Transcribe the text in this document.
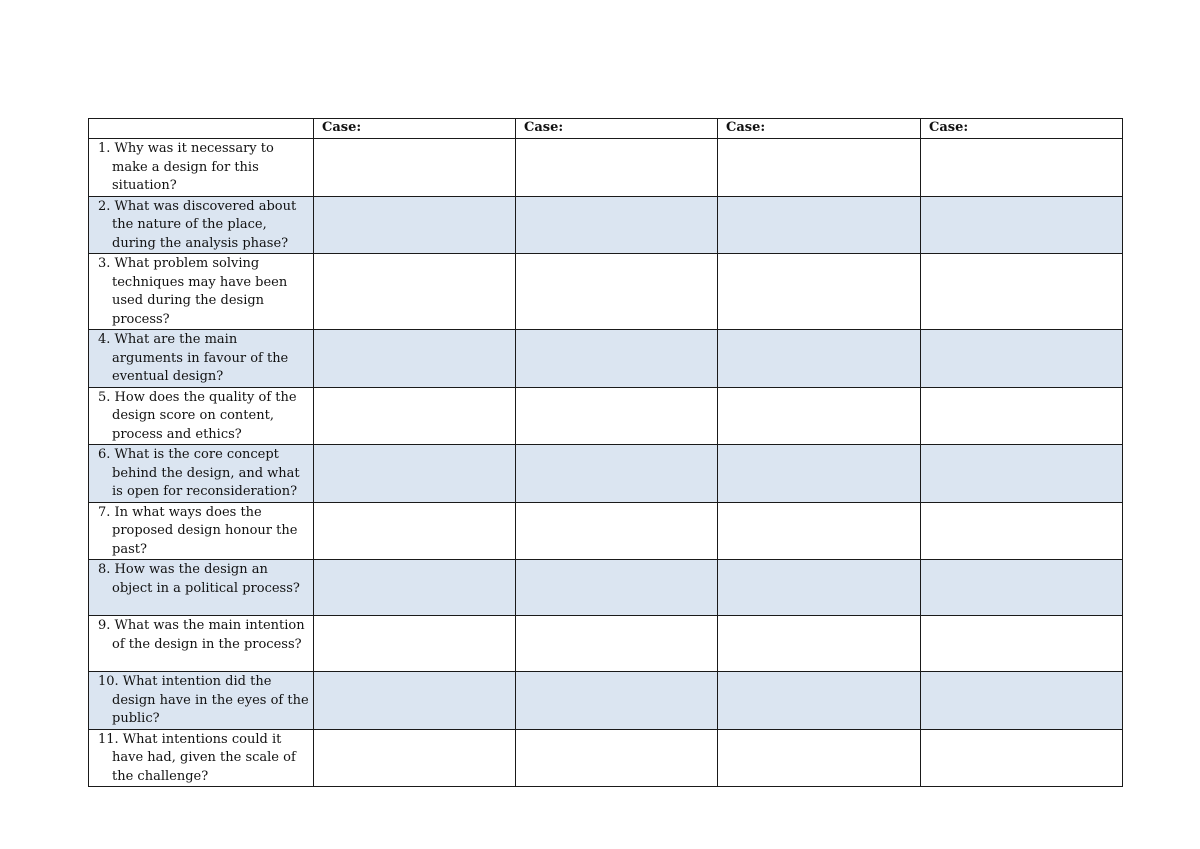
	Case:	Case:	Case:	Case:

1. Why was it necessary to make a design for this situation?				

2. What was discovered about the nature of the place, during the analysis phase?				

3. What problem solving techniques may have been used during the design process?				

4. What are the main arguments in favour of the eventual design?				

5. How does the quality of the design score on content, process and ethics?				

6. What is the core concept behind the design, and what is open for reconsideration?				

7. In what ways does the proposed design honour the past?				

8. How was the design an object in a political process?				

9. What was the main intention of the design in the process?				

10. What intention did the design have in the eyes of the public?				

11. What intentions could it have had, given the scale of the challenge?				
